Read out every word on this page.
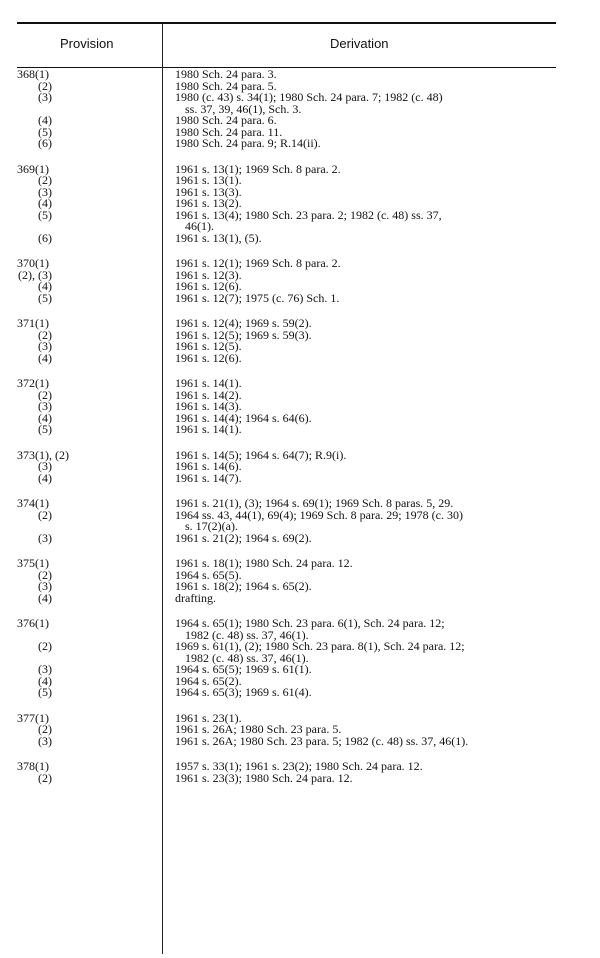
Provision	Derivation
368(1)	1980 Sch. 24 para. 3.
(2)	1980 Sch. 24 para. 5.
(3)	1980 (c. 43) s. 34(1); 1980 Sch. 24 para. 7; 1982 (c. 48)
ss. 37, 39, 46(1), Sch. 3.
(4)	1980 Sch. 24 para. 6.
(5)	1980 Sch. 24 para. 11.
(6)	1980 Sch. 24 para. 9; R.14(ii).
369(1)	1961 s. 13(1); 1969 Sch. 8 para. 2.
(2)	1961 s. 13(1).
(3)	1961 s. 13(3).
(4)	1961 s. 13(2).
(5)	1961 s. 13(4); 1980 Sch. 23 para. 2; 1982 (c. 48) ss. 37,
46(1).
(6)	1961 s. 13(1), (5).
370(1)	1961 s. 12(1); 1969 Sch. 8 para. 2.
(2), (3)	1961 s. 12(3).
(4)	1961 s. 12(6).
(5)	1961 s. 12(7); 1975 (c. 76) Sch. 1.
371(1)	1961 s. 12(4); 1969 s. 59(2).
(2)	1961 s. 12(5); 1969 s. 59(3).
(3)	1961 s. 12(5).
(4)	1961 s. 12(6).
372(1)	1961 s. 14(1).
(2)	1961 s. 14(2).
(3)	1961 s. 14(3).
(4)	1961 s. 14(4); 1964 s. 64(6).
(5)	1961 s. 14(1).
373(1), (2)	1961 s. 14(5); 1964 s. 64(7); R.9(i).
(3)	1961 s. 14(6).
(4)	1961 s. 14(7).
374(1)	1961 s. 21(1), (3); 1964 s. 69(1); 1969 Sch. 8 paras. 5, 29.
(2)	1964 ss. 43, 44(1), 69(4); 1969 Sch. 8 para. 29; 1978 (c. 30)
s. 17(2)(a).
(3)	1961 s. 21(2); 1964 s. 69(2).
375(1)	1961 s. 18(1); 1980 Sch. 24 para. 12.
(2)	1964 s. 65(5).
(3)	1961 s. 18(2); 1964 s. 65(2).
(4)	drafting.
376(1)	1964 s. 65(1); 1980 Sch. 23 para. 6(1), Sch. 24 para. 12;
1982 (c. 48) ss. 37, 46(1).
(2)	1969 s. 61(1), (2); 1980 Sch. 23 para. 8(1), Sch. 24 para. 12;
1982 (c. 48) ss. 37, 46(1).
(3)	1964 s. 65(5); 1969 s. 61(1).
(4)	1964 s. 65(2).
(5)	1964 s. 65(3); 1969 s. 61(4).
377(1)	1961 s. 23(1).
(2)	1961 s. 26A; 1980 Sch. 23 para. 5.
(3)	1961 s. 26A; 1980 Sch. 23 para. 5; 1982 (c. 48) ss. 37, 46(1).
378(1)	1957 s. 33(1); 1961 s. 23(2); 1980 Sch. 24 para. 12.
(2)	1961 s. 23(3); 1980 Sch. 24 para. 12.
